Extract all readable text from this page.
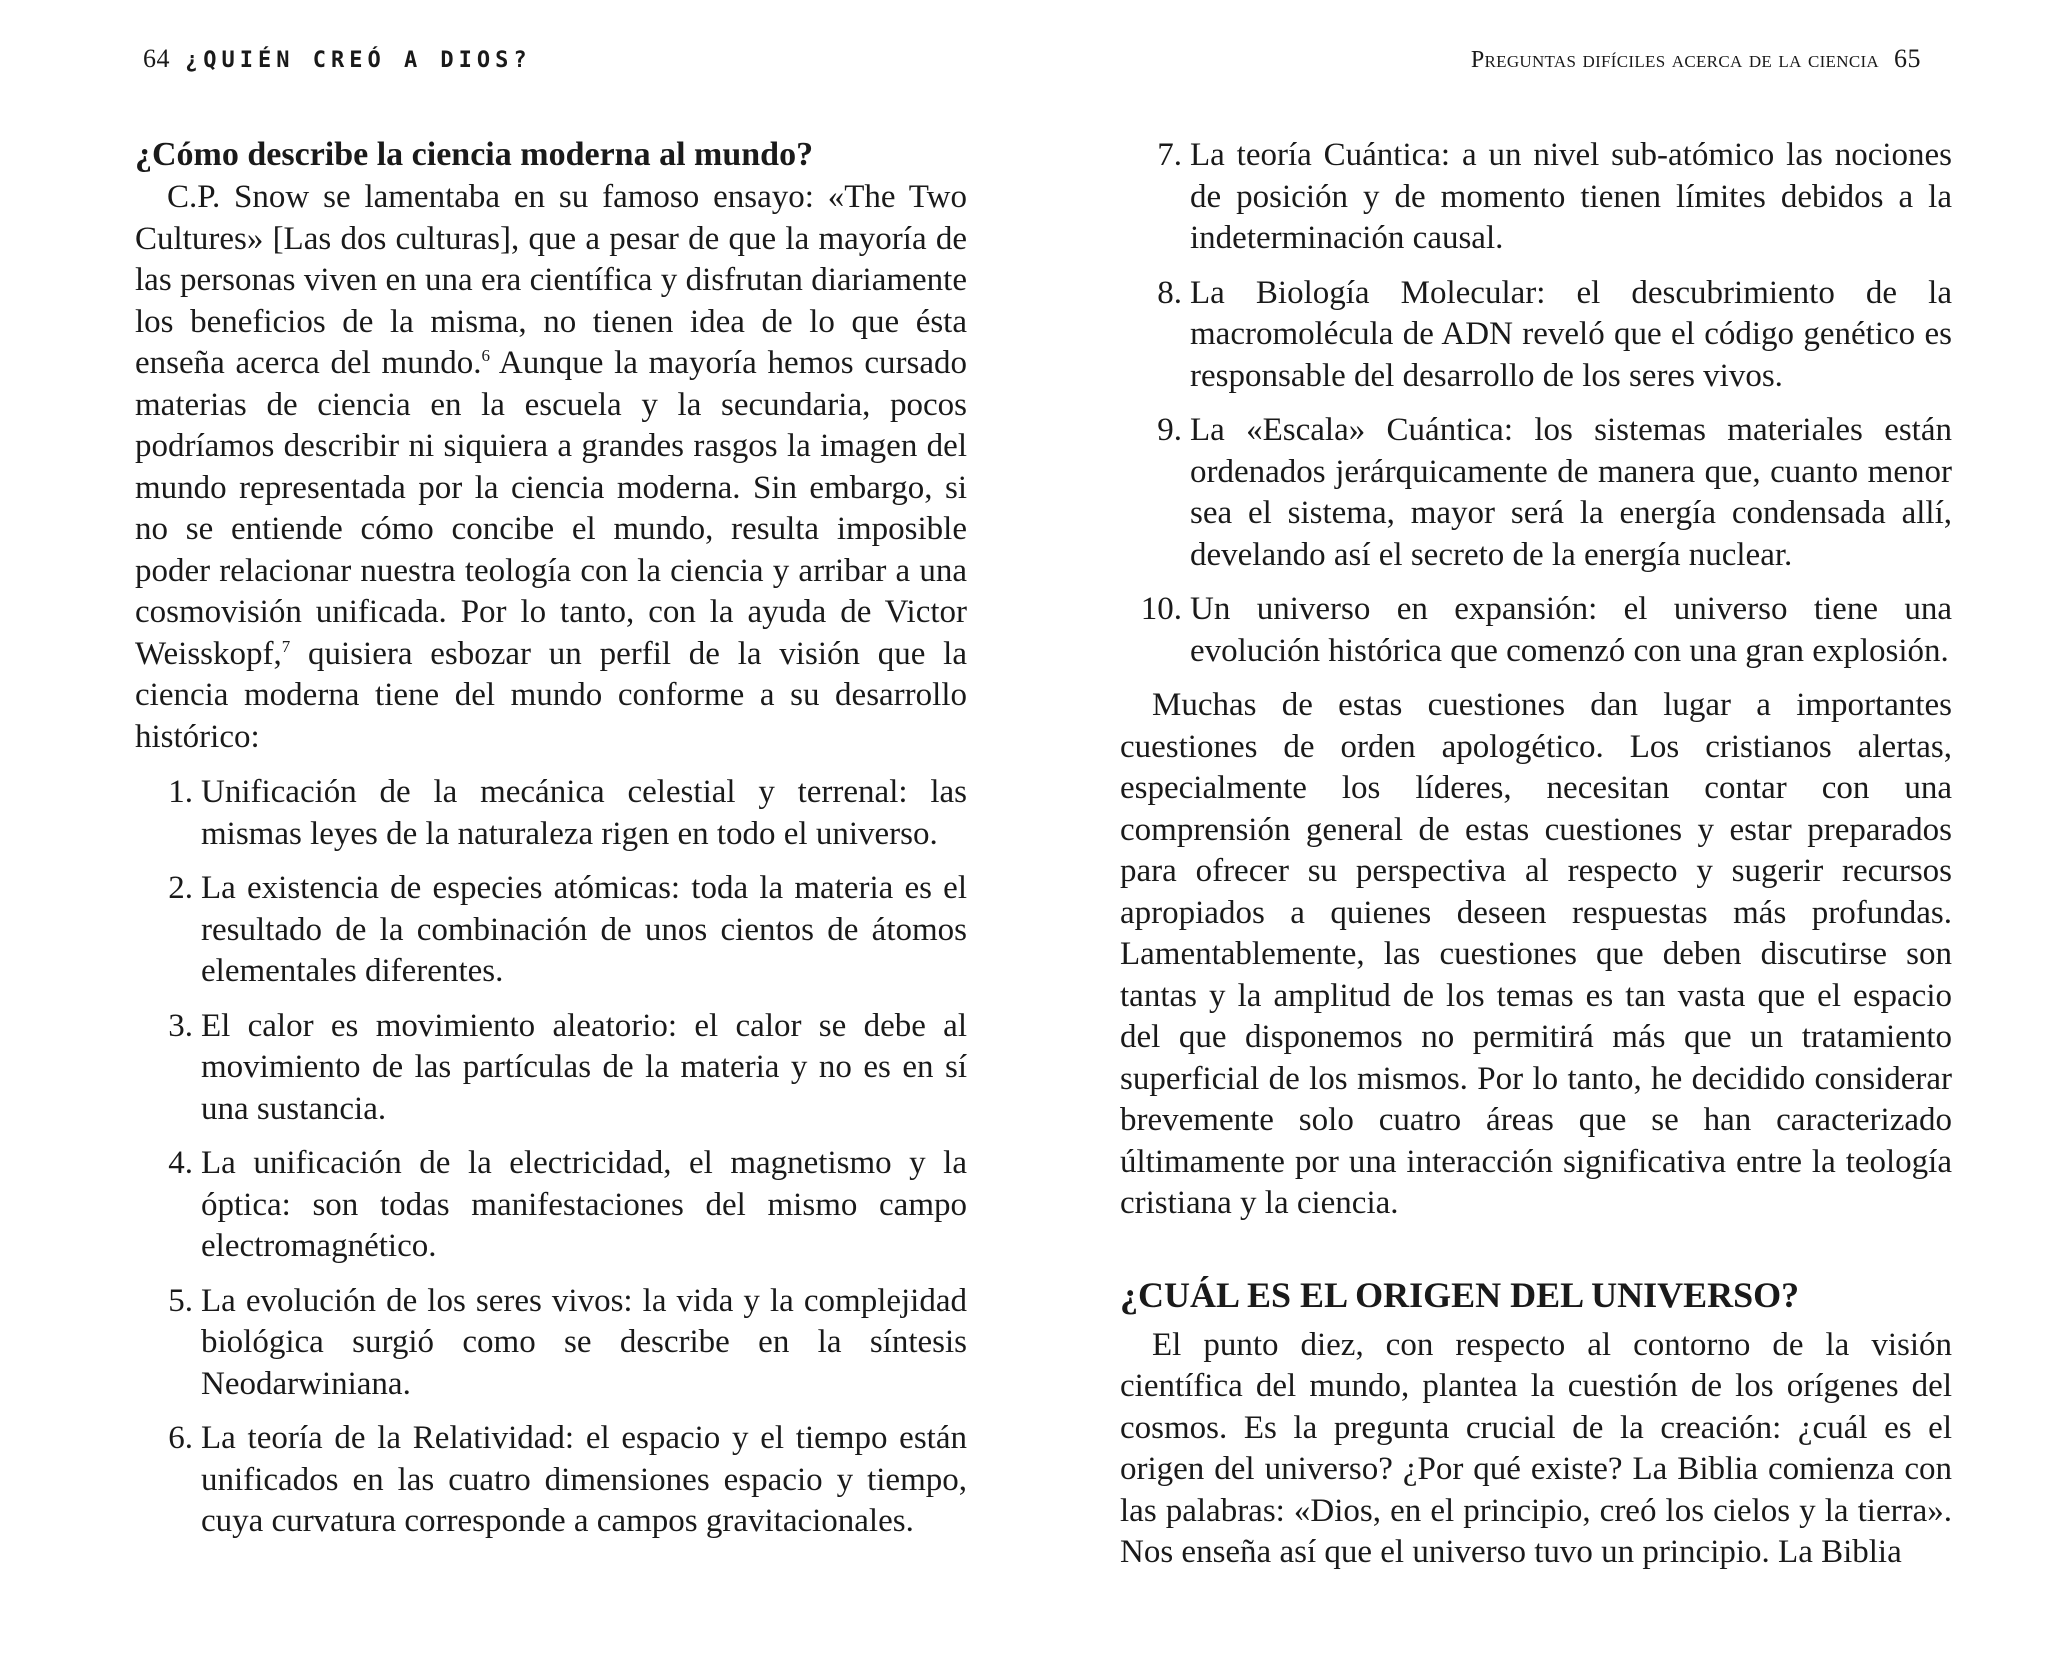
64 ¿QUIÉN CREÓ A DIOS?
¿Cómo describe la ciencia moderna al mundo?

C.P. Snow se lamentaba en su famoso ensayo: «The Two Cultures» [Las dos culturas], que a pesar de que la mayoría de las personas viven en una era científica y disfrutan diariamente los beneficios de la misma, no tienen idea de lo que ésta enseña acerca del mundo.$^6$ Aunque la mayoría hemos cursado materias de ciencia en la escuela y la secundaria, pocos podríamos describir ni siquiera a grandes rasgos la imagen del mundo representada por la ciencia moderna. Sin embargo, si no se entiende cómo concibe el mundo, resulta imposible poder relacionar nuestra teología con la ciencia y arribar a una cosmovisión unificada. Por lo tanto, con la ayuda de Victor Weisskopf,$^7$ quisiera esbozar un perfil de la visión que la ciencia moderna tiene del mundo conforme a su desarrollo histórico:

1. Unificación de la mecánica celestial y terrenal: las mismas leyes de la naturaleza rigen en todo el universo.
2. La existencia de especies atómicas: toda la materia es el resultado de la combinación de unos cientos de átomos elementales diferentes.
3. El calor es movimiento aleatorio: el calor se debe al movimiento de las partículas de la materia y no es en sí una sustancia.
4. La unificación de la electricidad, el magnetismo y la óptica: son todas manifestaciones del mismo campo electromagnético.
5. La evolución de los seres vivos: la vida y la complejidad biológica surgió como se describe en la síntesis Neodarwiniana.
6. La teoría de la Relatividad: el espacio y el tiempo están unificados en las cuatro dimensiones espacio y tiempo, cuya curvatura corresponde a campos gravitacionales.
Preguntas difíciles acerca de la ciencia 65
7. La teoría Cuántica: a un nivel sub-atómico las nociones de posición y de momento tienen límites debidos a la indeterminación causal.
8. La Biología Molecular: el descubrimiento de la macromolécula de ADN reveló que el código genético es responsable del desarrollo de los seres vivos.
9. La «Escala» Cuántica: los sistemas materiales están ordenados jerárquicamente de manera que, cuanto menor sea el sistema, mayor será la energía condensada allí, develando así el secreto de la energía nuclear.
10. Un universo en expansión: el universo tiene una evolución histórica que comenzó con una gran explosión.

Muchas de estas cuestiones dan lugar a importantes cuestiones de orden apologético. Los cristianos alertas, especialmente los líderes, necesitan contar con una comprensión general de estas cuestiones y estar preparados para ofrecer su perspectiva al respecto y sugerir recursos apropiados a quienes deseen respuestas más profundas. Lamentablemente, las cuestiones que deben discutirse son tantas y la amplitud de los temas es tan vasta que el espacio del que disponemos no permitirá más que un tratamiento superficial de los mismos. Por lo tanto, he decidido considerar brevemente solo cuatro áreas que se han caracterizado últimamente por una interacción significativa entre la teología cristiana y la ciencia.

¿CUÁL ES EL ORIGEN DEL UNIVERSO?

El punto diez, con respecto al contorno de la visión científica del mundo, plantea la cuestión de los orígenes del cosmos. Es la pregunta crucial de la creación: ¿cuál es el origen del universo? ¿Por qué existe? La Biblia comienza con las palabras: «Dios, en el principio, creó los cielos y la tierra». Nos enseña así que el universo tuvo un principio. La Biblia
